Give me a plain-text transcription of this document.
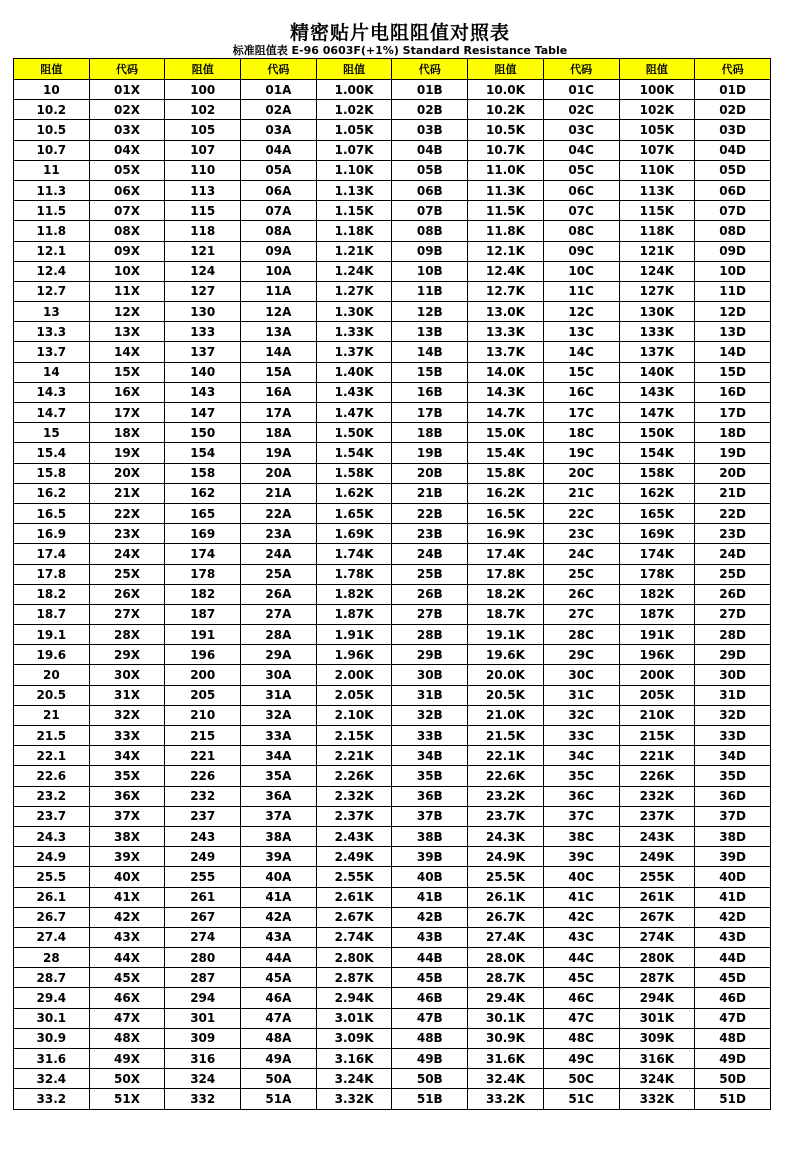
精密贴片电阻阻值对照表
标准阻值表 E-96 0603F(+1%) Standard Resistance Table
阻值	代码	阻值	代码	阻值	代码	阻值	代码	阻值	代码
10	01X	100	01A	1.00K	01B	10.0K	01C	100K	01D
10.2	02X	102	02A	1.02K	02B	10.2K	02C	102K	02D
10.5	03X	105	03A	1.05K	03B	10.5K	03C	105K	03D
10.7	04X	107	04A	1.07K	04B	10.7K	04C	107K	04D
11	05X	110	05A	1.10K	05B	11.0K	05C	110K	05D
11.3	06X	113	06A	1.13K	06B	11.3K	06C	113K	06D
11.5	07X	115	07A	1.15K	07B	11.5K	07C	115K	07D
11.8	08X	118	08A	1.18K	08B	11.8K	08C	118K	08D
12.1	09X	121	09A	1.21K	09B	12.1K	09C	121K	09D
12.4	10X	124	10A	1.24K	10B	12.4K	10C	124K	10D
12.7	11X	127	11A	1.27K	11B	12.7K	11C	127K	11D
13	12X	130	12A	1.30K	12B	13.0K	12C	130K	12D
13.3	13X	133	13A	1.33K	13B	13.3K	13C	133K	13D
13.7	14X	137	14A	1.37K	14B	13.7K	14C	137K	14D
14	15X	140	15A	1.40K	15B	14.0K	15C	140K	15D
14.3	16X	143	16A	1.43K	16B	14.3K	16C	143K	16D
14.7	17X	147	17A	1.47K	17B	14.7K	17C	147K	17D
15	18X	150	18A	1.50K	18B	15.0K	18C	150K	18D
15.4	19X	154	19A	1.54K	19B	15.4K	19C	154K	19D
15.8	20X	158	20A	1.58K	20B	15.8K	20C	158K	20D
16.2	21X	162	21A	1.62K	21B	16.2K	21C	162K	21D
16.5	22X	165	22A	1.65K	22B	16.5K	22C	165K	22D
16.9	23X	169	23A	1.69K	23B	16.9K	23C	169K	23D
17.4	24X	174	24A	1.74K	24B	17.4K	24C	174K	24D
17.8	25X	178	25A	1.78K	25B	17.8K	25C	178K	25D
18.2	26X	182	26A	1.82K	26B	18.2K	26C	182K	26D
18.7	27X	187	27A	1.87K	27B	18.7K	27C	187K	27D
19.1	28X	191	28A	1.91K	28B	19.1K	28C	191K	28D
19.6	29X	196	29A	1.96K	29B	19.6K	29C	196K	29D
20	30X	200	30A	2.00K	30B	20.0K	30C	200K	30D
20.5	31X	205	31A	2.05K	31B	20.5K	31C	205K	31D
21	32X	210	32A	2.10K	32B	21.0K	32C	210K	32D
21.5	33X	215	33A	2.15K	33B	21.5K	33C	215K	33D
22.1	34X	221	34A	2.21K	34B	22.1K	34C	221K	34D
22.6	35X	226	35A	2.26K	35B	22.6K	35C	226K	35D
23.2	36X	232	36A	2.32K	36B	23.2K	36C	232K	36D
23.7	37X	237	37A	2.37K	37B	23.7K	37C	237K	37D
24.3	38X	243	38A	2.43K	38B	24.3K	38C	243K	38D
24.9	39X	249	39A	2.49K	39B	24.9K	39C	249K	39D
25.5	40X	255	40A	2.55K	40B	25.5K	40C	255K	40D
26.1	41X	261	41A	2.61K	41B	26.1K	41C	261K	41D
26.7	42X	267	42A	2.67K	42B	26.7K	42C	267K	42D
27.4	43X	274	43A	2.74K	43B	27.4K	43C	274K	43D
28	44X	280	44A	2.80K	44B	28.0K	44C	280K	44D
28.7	45X	287	45A	2.87K	45B	28.7K	45C	287K	45D
29.4	46X	294	46A	2.94K	46B	29.4K	46C	294K	46D
30.1	47X	301	47A	3.01K	47B	30.1K	47C	301K	47D
30.9	48X	309	48A	3.09K	48B	30.9K	48C	309K	48D
31.6	49X	316	49A	3.16K	49B	31.6K	49C	316K	49D
32.4	50X	324	50A	3.24K	50B	32.4K	50C	324K	50D
33.2	51X	332	51A	3.32K	51B	33.2K	51C	332K	51D
